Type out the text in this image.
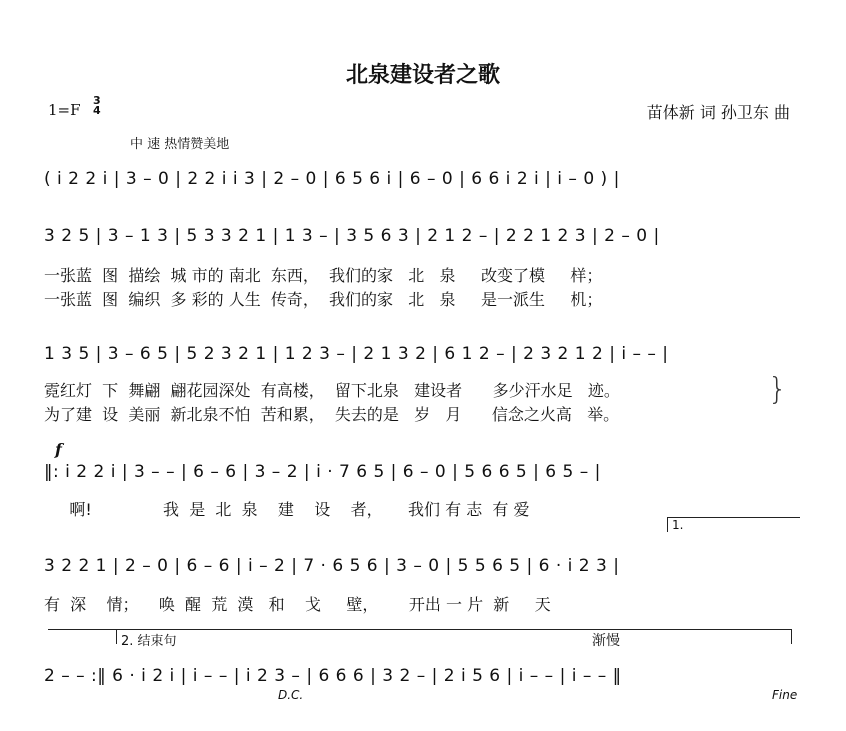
北泉建设者之歌
1=F
3
4	苗体新 词 孙卫东 曲
中 速 热情赞美地
( i 2 2 i | 3 – 0 | 2 2 i i 3 | 2 – 0 | 6 5 6 i | 6 – 0 | 6 6 i 2 i | i – 0 ) |
3 2 5 | 3 – 1 3 | 5 3 3 2 1 | 1 3 – | 3 5 6 3 | 2 1 2 – | 2 2 1 2 3 | 2 – 0 |
一张蓝  图  描绘  城 市的 南北  东西，  我们的家   北   泉     改变了模     样；
一张蓝  图  编织  多 彩的 人生  传奇，  我们的家   北   泉     是一派生     机；
1 3 5 | 3 – 6 5 | 5 2 3 2 1 | 1 2 3 – | 2 1 3 2 | 6 1 2 – | 2 3 2 1 2 | i – – |
霓红灯  下  舞翩  翩花园深处  有高楼，  留下北泉   建设者      多少汗水足   迹。
为了建  设  美丽  新北泉不怕  苦和累，  失去的是   岁   月      信念之火高   举。
}
f
‖: i 2 2 i | 3 – – | 6 – 6 | 3 – 2 | i · 7 6 5 | 6 – 0 | 5 6 6 5 | 6 5 – |
啊!              我  是  北  泉    建    设    者，     我们 有 志  有 爱
1.
3 2 2 1 | 2 – 0 | 6 – 6 | i – 2 | 7 · 6 5 6 | 3 – 0 | 5 5 6 5 | 6 · i 2 3 |
有  深    情；    唤  醒  荒  漠   和    戈     壁，      开出 一 片  新     天
2. 结束句	渐慢
2 – – :‖ 6 · i 2 i | i – – | i 2 3 – | 6 6 6 | 3 2 – | 2 i 5 6 | i – – | i – – ‖
D.C.	Fine
